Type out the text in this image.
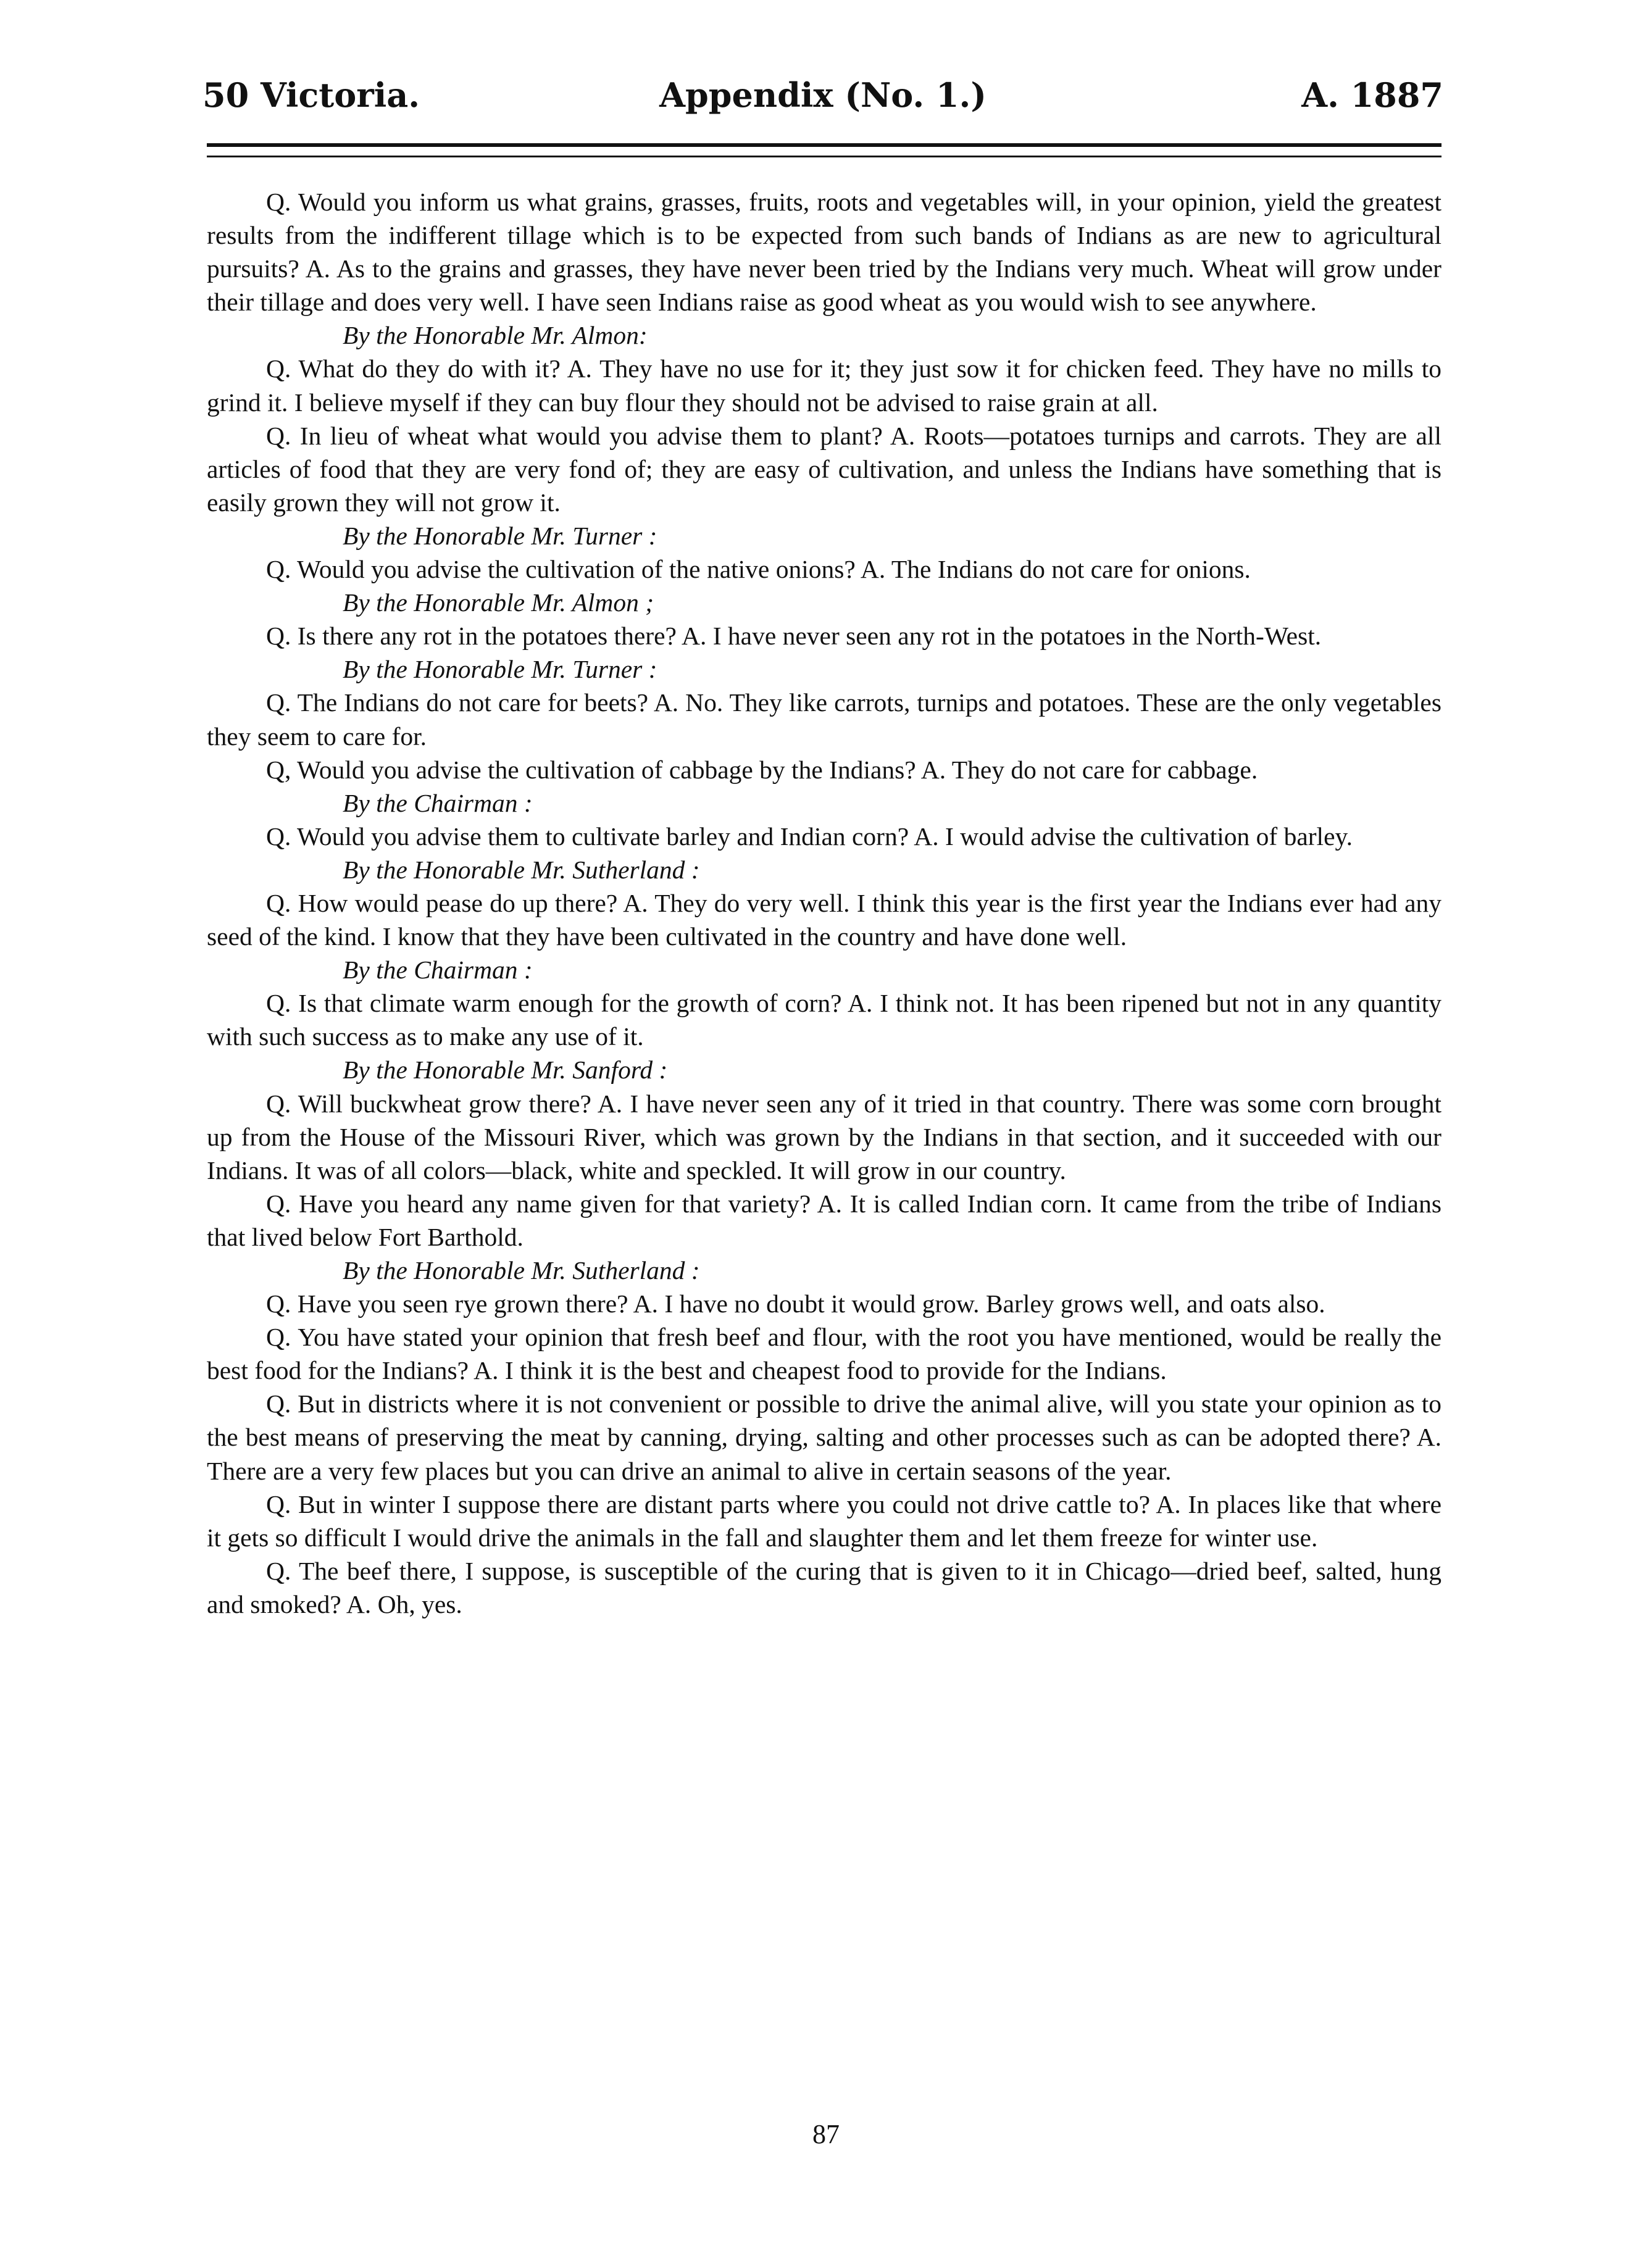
50 Victoria.	Appendix (No. 1.)	A. 1887

Q. Would you inform us what grains, grasses, fruits, roots and vegetables will, in your opinion, yield the greatest results from the indifferent tillage which is to be expected from such bands of Indians as are new to agricultural pursuits? A. As to the grains and grasses, they have never been tried by the Indians very much. Wheat will grow under their tillage and does very well. I have seen Indians raise as good wheat as you would wish to see anywhere.

By the Honorable Mr. Almon:

Q. What do they do with it? A. They have no use for it; they just sow it for chicken feed. They have no mills to grind it. I believe myself if they can buy flour they should not be advised to raise grain at all.

Q. In lieu of wheat what would you advise them to plant? A. Roots—potatoes turnips and carrots. They are all articles of food that they are very fond of; they are easy of cultivation, and unless the Indians have something that is easily grown they will not grow it.

By the Honorable Mr. Turner :

Q. Would you advise the cultivation of the native onions? A. The Indians do not care for onions.

By the Honorable Mr. Almon ;

Q. Is there any rot in the potatoes there? A. I have never seen any rot in the potatoes in the North-West.

By the Honorable Mr. Turner :

Q. The Indians do not care for beets? A. No. They like carrots, turnips and potatoes. These are the only vegetables they seem to care for.

Q, Would you advise the cultivation of cabbage by the Indians? A. They do not care for cabbage.

By the Chairman :

Q. Would you advise them to cultivate barley and Indian corn? A. I would advise the cultivation of barley.

By the Honorable Mr. Sutherland :

Q. How would pease do up there? A. They do very well. I think this year is the first year the Indians ever had any seed of the kind. I know that they have been cultivated in the country and have done well.

By the Chairman :

Q. Is that climate warm enough for the growth of corn? A. I think not. It has been ripened but not in any quantity with such success as to make any use of it.

By the Honorable Mr. Sanford :

Q. Will buckwheat grow there? A. I have never seen any of it tried in that country. There was some corn brought up from the House of the Missouri River, which was grown by the Indians in that section, and it succeeded with our Indians. It was of all colors—black, white and speckled. It will grow in our country.

Q. Have you heard any name given for that variety? A. It is called Indian corn. It came from the tribe of Indians that lived below Fort Barthold.

By the Honorable Mr. Sutherland :

Q. Have you seen rye grown there? A. I have no doubt it would grow. Barley grows well, and oats also.

Q. You have stated your opinion that fresh beef and flour, with the root you have mentioned, would be really the best food for the Indians? A. I think it is the best and cheapest food to provide for the Indians.

Q. But in districts where it is not convenient or possible to drive the animal alive, will you state your opinion as to the best means of preserving the meat by canning, drying, salting and other processes such as can be adopted there? A. There are a very few places but you can drive an animal to alive in certain seasons of the year.

Q. But in winter I suppose there are distant parts where you could not drive cattle to? A. In places like that where it gets so difficult I would drive the animals in the fall and slaughter them and let them freeze for winter use.

Q. The beef there, I suppose, is susceptible of the curing that is given to it in Chicago—dried beef, salted, hung and smoked? A. Oh, yes.

87
